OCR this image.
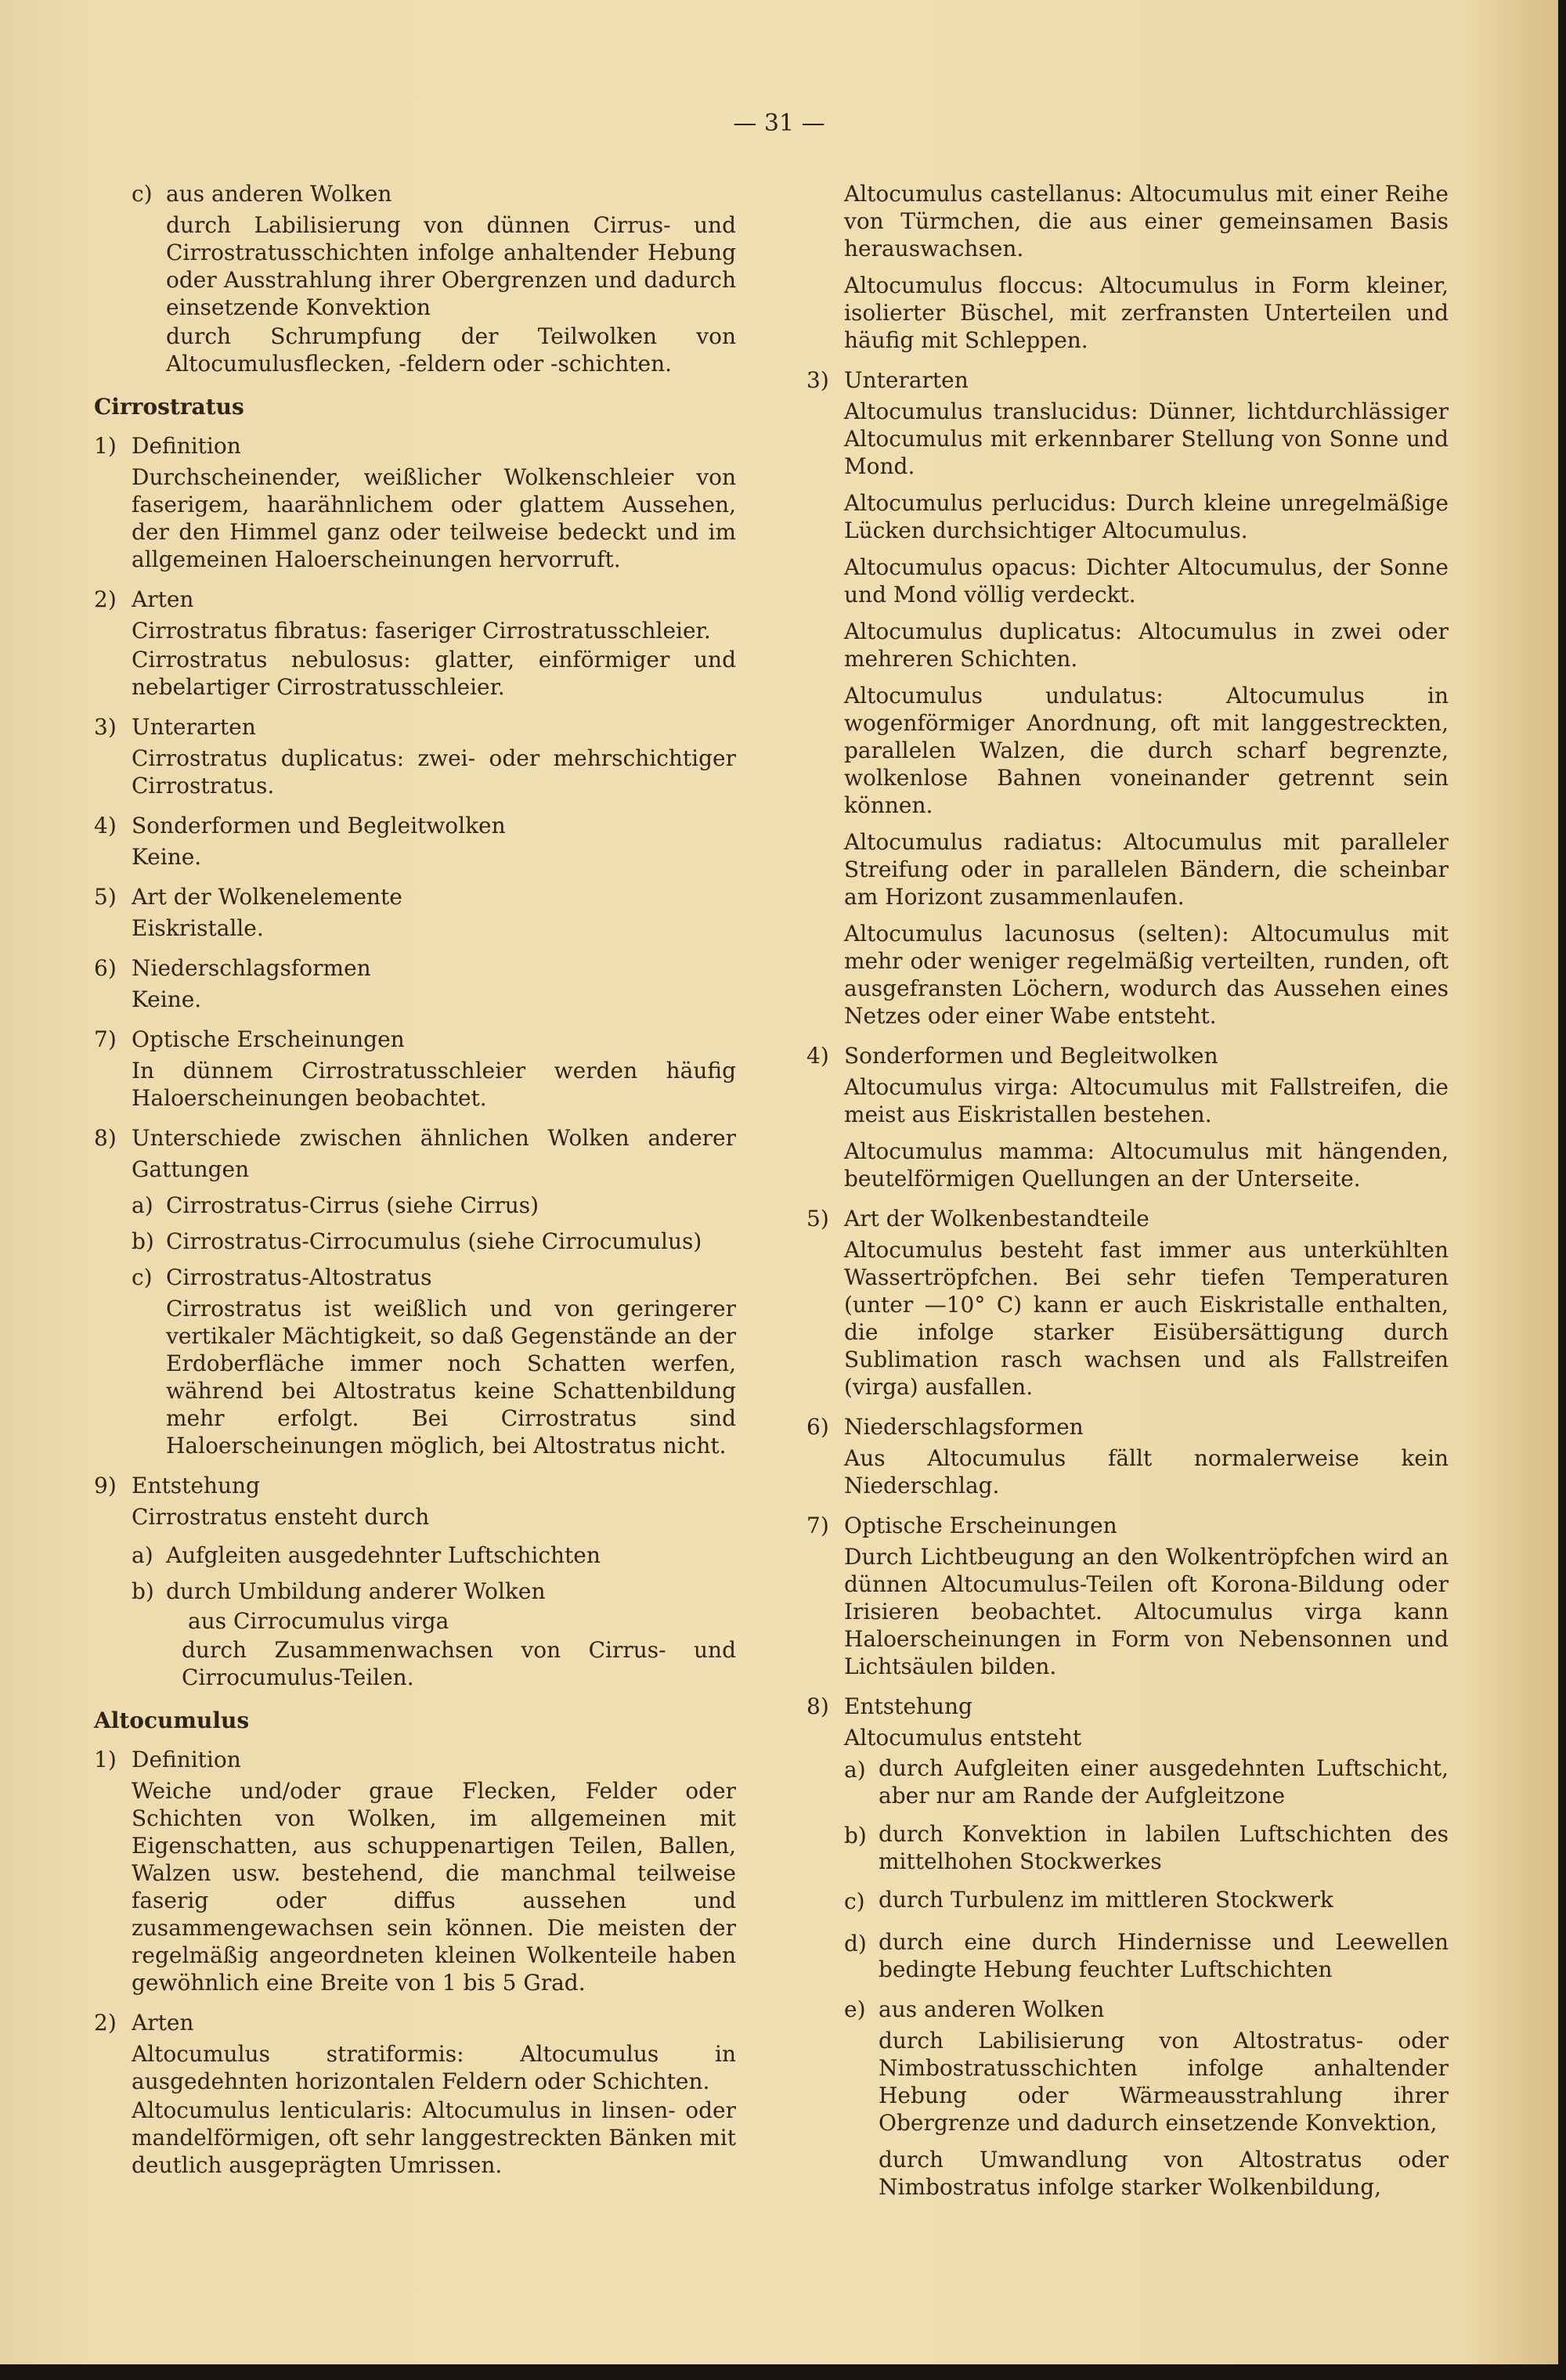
— 31 —
c) aus anderen Wolken
durch Labilisierung von dünnen Cirrus- und Cirrostratusschichten infolge anhaltender Hebung oder Ausstrahlung ihrer Obergrenzen und dadurch einsetzende Konvektion
durch Schrumpfung der Teilwolken von Altocumulusflecken, -feldern oder -schichten.
Cirrostratus
1) Definition
Durchscheinender, weißlicher Wolkenschleier von faserigem, haarähnlichem oder glattem Aussehen, der den Himmel ganz oder teilweise bedeckt und im allgemeinen Haloerscheinungen hervorruft.
2) Arten
Cirrostratus fibratus: faseriger Cirrostratusschleier.
Cirrostratus nebulosus: glatter, einförmiger und nebelartiger Cirrostratusschleier.
3) Unterarten
Cirrostratus duplicatus: zwei- oder mehrschichtiger Cirrostratus.
4) Sonderformen und Begleitwolken
Keine.
5) Art der Wolkenelemente
Eiskristalle.
6) Niederschlagsformen
Keine.
7) Optische Erscheinungen
In dünnem Cirrostratusschleier werden häufig Haloerscheinungen beobachtet.
8) Unterschiede zwischen ähnlichen Wolken anderer Gattungen
a) Cirrostratus-Cirrus (siehe Cirrus)
b) Cirrostratus-Cirrocumulus (siehe Cirrocumulus)
c) Cirrostratus-Altostratus
Cirrostratus ist weißlich und von geringerer vertikaler Mächtigkeit, so daß Gegenstände an der Erdoberfläche immer noch Schatten werfen, während bei Altostratus keine Schattenbildung mehr erfolgt. Bei Cirrostratus sind Haloerscheinungen möglich, bei Altostratus nicht.
9) Entstehung
Cirrostratus ensteht durch
a) Aufgleiten ausgedehnter Luftschichten
b) durch Umbildung anderer Wolken
aus Cirrocumulus virga
durch Zusammenwachsen von Cirrus- und Cirrocumulus-Teilen.
Altocumulus
1) Definition
Weiche und/oder graue Flecken, Felder oder Schichten von Wolken, im allgemeinen mit Eigenschatten, aus schuppenartigen Teilen, Ballen, Walzen usw. bestehend, die manchmal teilweise faserig oder diffus aussehen und zusammengewachsen sein können. Die meisten der regelmäßig angeordneten kleinen Wolkenteile haben gewöhnlich eine Breite von 1 bis 5 Grad.
2) Arten
Altocumulus stratiformis: Altocumulus in ausgedehnten horizontalen Feldern oder Schichten.
Altocumulus lenticularis: Altocumulus in linsen- oder mandelförmigen, oft sehr langgestreckten Bänken mit deutlich ausgeprägten Umrissen.
Altocumulus castellanus: Altocumulus mit einer Reihe von Türmchen, die aus einer gemeinsamen Basis herauswachsen.
Altocumulus floccus: Altocumulus in Form kleiner, isolierter Büschel, mit zerfransten Unterteilen und häufig mit Schleppen.
3) Unterarten
Altocumulus translucidus: Dünner, lichtdurchlässiger Altocumulus mit erkennbarer Stellung von Sonne und Mond.
Altocumulus perlucidus: Durch kleine unregelmäßige Lücken durchsichtiger Altocumulus.
Altocumulus opacus: Dichter Altocumulus, der Sonne und Mond völlig verdeckt.
Altocumulus duplicatus: Altocumulus in zwei oder mehreren Schichten.
Altocumulus undulatus: Altocumulus in wogenförmiger Anordnung, oft mit langgestreckten, parallelen Walzen, die durch scharf begrenzte, wolkenlose Bahnen voneinander getrennt sein können.
Altocumulus radiatus: Altocumulus mit paralleler Streifung oder in parallelen Bändern, die scheinbar am Horizont zusammenlaufen.
Altocumulus lacunosus (selten): Altocumulus mit mehr oder weniger regelmäßig verteilten, runden, oft ausgefransten Löchern, wodurch das Aussehen eines Netzes oder einer Wabe entsteht.
4) Sonderformen und Begleitwolken
Altocumulus virga: Altocumulus mit Fallstreifen, die meist aus Eiskristallen bestehen.
Altocumulus mamma: Altocumulus mit hängenden, beutelförmigen Quellungen an der Unterseite.
5) Art der Wolkenbestandteile
Altocumulus besteht fast immer aus unterkühlten Wassertröpfchen. Bei sehr tiefen Temperaturen (unter —10° C) kann er auch Eiskristalle enthalten, die infolge starker Eisübersättigung durch Sublimation rasch wachsen und als Fallstreifen (virga) ausfallen.
6) Niederschlagsformen
Aus Altocumulus fällt normalerweise kein Niederschlag.
7) Optische Erscheinungen
Durch Lichtbeugung an den Wolkentröpfchen wird an dünnen Altocumulus-Teilen oft Korona-Bildung oder Irisieren beobachtet. Altocumulus virga kann Haloerscheinungen in Form von Nebensonnen und Lichtsäulen bilden.
8) Entstehung
Altocumulus entsteht
a) durch Aufgleiten einer ausgedehnten Luftschicht, aber nur am Rande der Aufgleitzone
b) durch Konvektion in labilen Luftschichten des mittelhohen Stockwerkes
c) durch Turbulenz im mittleren Stockwerk
d) durch eine durch Hindernisse und Leewellen bedingte Hebung feuchter Luftschichten
e) aus anderen Wolken
durch Labilisierung von Altostratus- oder Nimbostratusschichten infolge anhaltender Hebung oder Wärmeausstrahlung ihrer Obergrenze und dadurch einsetzende Konvektion,
durch Umwandlung von Altostratus oder Nimbostratus infolge starker Wolkenbildung,
